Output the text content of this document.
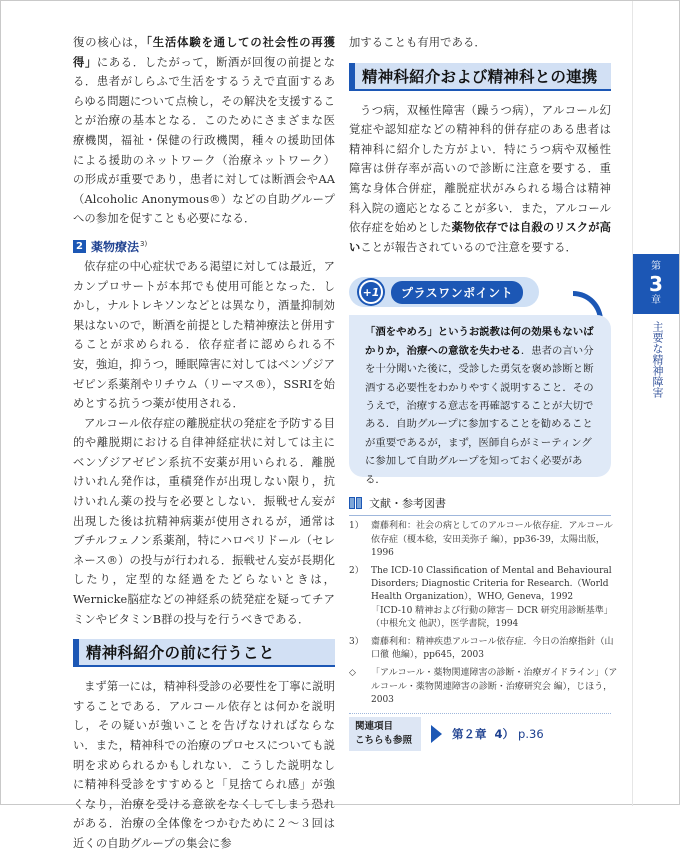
復の核心は，「生活体験を通しての社会性の再獲得」にある．したがって，断酒が回復の前提となる．患者がしらふで生活をするうえで直面するあらゆる問題について点検し，その解決を支援することが治療の基本となる．このためにさまざまな医療機関，福祉・保健の行政機関，種々の援助団体による援助のネットワーク（治療ネットワーク）の形成が重要であり，患者に対しては断酒会やAA（Alcoholic Anonymous®）などの自助グループへの参加を促すことも必要になる．

2 薬物療法$^{3)}$

依存症の中心症状である渇望に対しては最近，アカンプロサートが本邦でも使用可能となった．しかし，ナルトレキソンなどとは異なり，酒量抑制効果はないので，断酒を前提とした精神療法と併用することが求められる．依存症者に認められる不安，強迫，抑うつ，睡眠障害に対してはベンゾジアゼピン系薬剤やリチウム（リーマス®），SSRIを始めとする抗うつ薬が使用される．

アルコール依存症の離脱症状の発症を予防する目的や離脱期における自律神経症状に対しては主にベンゾジアゼピン系抗不安薬が用いられる．離脱けいれん発作は，重積発作が出現しない限り，抗けいれん薬の投与を必要としない．振戦せん妄が出現した後は抗精神病薬が使用されるが，通常はブチルフェノン系薬剤，特にハロペリドール（セレネース®）の投与が行われる．振戦せん妄が長期化したり，定型的な経過をたどらないときは，Wernicke脳症などの神経系の続発症を疑ってチアミンやビタミンB群の投与を行うべきである．

精神科紹介の前に行うこと

まず第一には，精神科受診の必要性を丁寧に説明することである．アルコール依存とは何かを説明し，その疑いが強いことを告げなければならない．また，精神科での治療のプロセスについても説明を求められるかもしれない．こうした説明なしに精神科受診をすすめると「見捨てられ感」が強くなり，治療を受ける意欲をなくしてしまう恐れがある．治療の全体像をつかむために２～３回は近くの自助グループの集会に参

加することも有用である．

精神科紹介および精神科との連携

うつ病，双極性障害（躁うつ病），アルコール幻覚症や認知症などの精神科的併存症のある患者は精神科に紹介した方がよい．特にうつ病や双極性障害は併存率が高いので診断に注意を要する．重篤な身体合併症，離脱症状がみられる場合は精神科入院の適応となることが多い．また，アルコール依存症を始めとした薬物依存では自殺のリスクが高いことが報告されているので注意を要する．

+1	プラスワンポイント

「酒をやめろ」というお説教は何の効果もないばかりか，治療への意欲を失わせる．患者の言い分を十分聞いた後に，受診した勇気を褒め診断と断酒する必要性をわかりやすく説明すること．そのうえで，治療する意志を再確認することが大切である．自助グループに参加することを勧めることが重要であるが，まず，医師自らがミーティングに参加して自助グループを知っておく必要がある．

文献・参考図書
1） 齋藤利和：社会の病としてのアルコール依存症．アルコール
依存症（榎本稔，安田美弥子 編），pp36-39，太陽出版，
1996
2） The ICD-10 Classification of Mental and Behavioural
Disorders; Diagnostic Criteria for Research.（World
Health Organization），WHO, Geneva，1992
「ICD-10 精神および行動の障害－ DCR 研究用診断基準」
（中根允文 他訳），医学書院，1994
3） 齋藤利和：精神疾患アルコール依存症．今日の治療指針（山
口徹 他編），pp645，2003
◇	「アルコール・薬物関連障害の診断・治療ガイドライン」（ア
ルコール・薬物関連障害の診断・治療研究会 編），じほう，
2003
関連項目
こちらも参照	第２章 4） p.36
第
3
章
主要な精神障害
